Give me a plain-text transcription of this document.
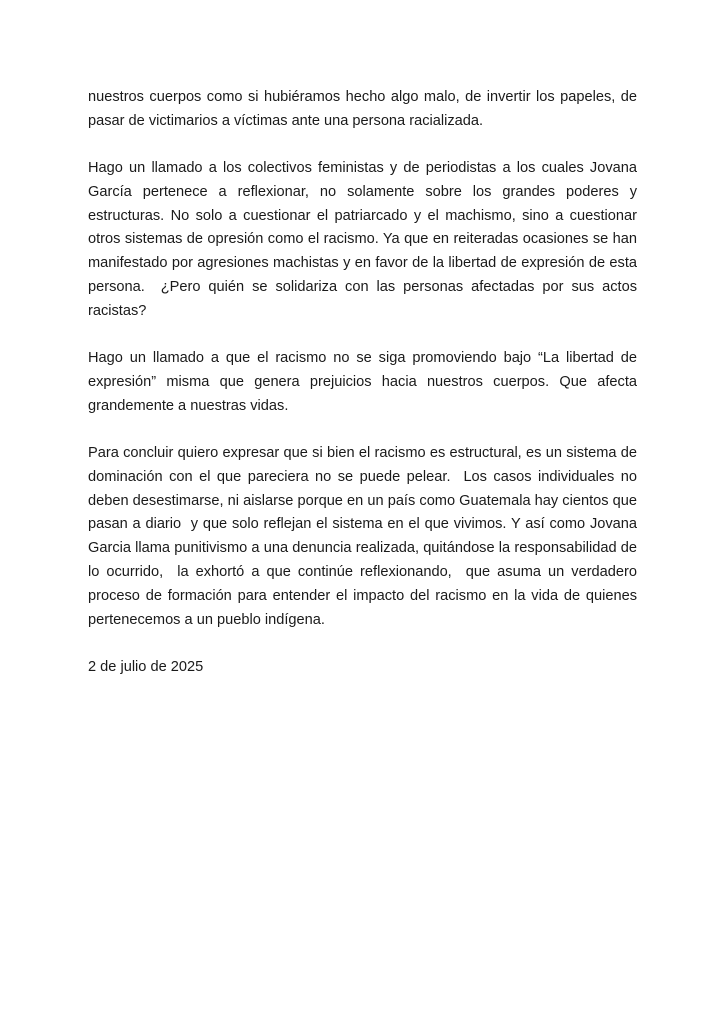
nuestros cuerpos como si hubiéramos hecho algo malo, de invertir los papeles, de pasar de victimarios a víctimas ante una persona racializada.

Hago un llamado a los colectivos feministas y de periodistas a los cuales Jovana García pertenece a reflexionar, no solamente sobre los grandes poderes y estructuras. No solo a cuestionar el patriarcado y el machismo, sino a cuestionar otros sistemas de opresión como el racismo. Ya que en reiteradas ocasiones se han manifestado por agresiones machistas y en favor de la libertad de expresión de esta persona.  ¿Pero quién se solidariza con las personas afectadas por sus actos racistas?

Hago un llamado a que el racismo no se siga promoviendo bajo “La libertad de expresión” misma que genera prejuicios hacia nuestros cuerpos. Que afecta grandemente a nuestras vidas.

Para concluir quiero expresar que si bien el racismo es estructural, es un sistema de dominación con el que pareciera no se puede pelear.  Los casos individuales no deben desestimarse, ni aislarse porque en un país como Guatemala hay cientos que pasan a diario  y que solo reflejan el sistema en el que vivimos. Y así como Jovana Garcia llama punitivismo a una denuncia realizada, quitándose la responsabilidad de lo ocurrido,  la exhortó a que continúe reflexionando,  que asuma un verdadero proceso de formación para entender el impacto del racismo en la vida de quienes pertenecemos a un pueblo indígena.

2 de julio de 2025
